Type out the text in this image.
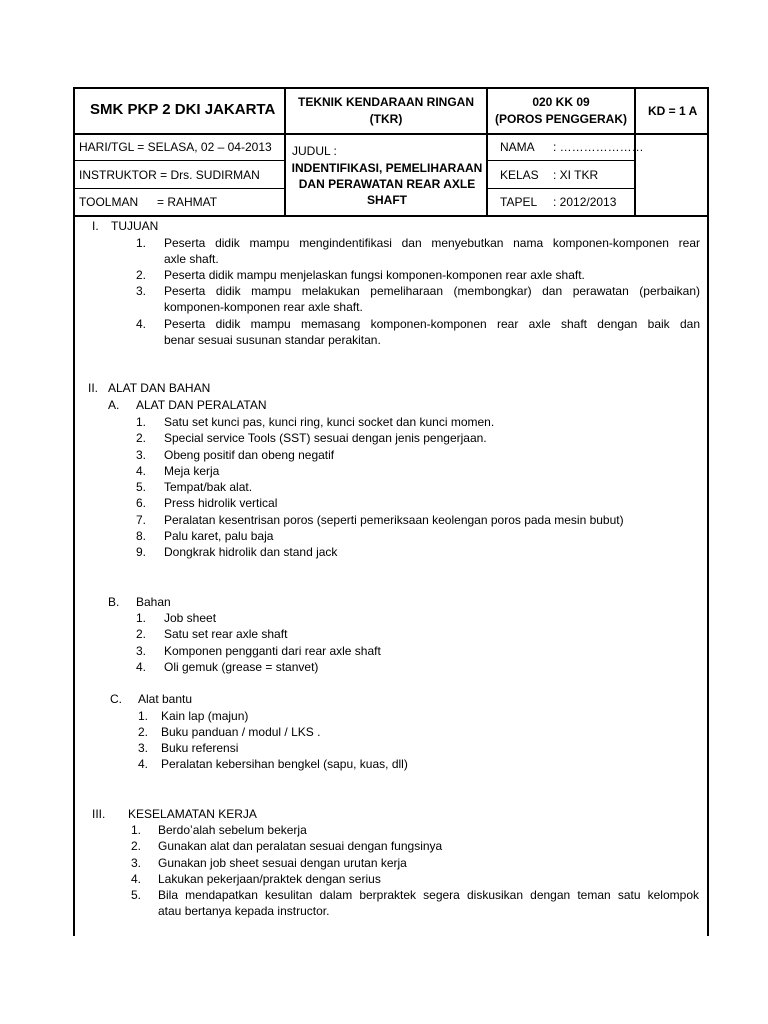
SMK PKP 2 DKI JAKARTA	TEKNIK KENDARAAN RINGAN
(TKR)
020 KK 09
(POROS PENGGERAK)
KD = 1 A
HARI/TGL = SELASA, 02 – 04-2013
INSTRUKTOR = Drs. SUDIRMAN
TOOLMAN = RAHMAT
JUDUL :
INDENTIFIKASI, PEMELIHARAAN
DAN PERAWATAN REAR AXLE
SHAFT
NAMA : …………………
KELAS : XI TKR
TAPEL : 2012/2013
I. TUJUAN
1. Peserta didik mampu mengindentifikasi dan menyebutkan nama komponen-komponen rear
axle shaft.
2. Peserta didik mampu menjelaskan fungsi komponen-komponen rear axle shaft.
3. Peserta didik mampu melakukan pemeliharaan (membongkar) dan perawatan (perbaikan)
komponen-komponen rear axle shaft.
4. Peserta didik mampu memasang komponen-komponen rear axle shaft dengan baik dan
benar sesuai susunan standar perakitan.
II. ALAT DAN BAHAN
A. ALAT DAN PERALATAN
1. Satu set kunci pas, kunci ring, kunci socket dan kunci momen.
2. Special service Tools (SST) sesuai dengan jenis pengerjaan.
3. Obeng positif dan obeng negatif
4. Meja kerja
5. Tempat/bak alat.
6. Press hidrolik vertical
7. Peralatan kesentrisan poros (seperti pemeriksaan keolengan poros pada mesin bubut)
8. Palu karet, palu baja
9. Dongkrak hidrolik dan stand jack
B. Bahan
1. Job sheet
2. Satu set rear axle shaft
3. Komponen pengganti dari rear axle shaft
4. Oli gemuk (grease = stanvet)
C. Alat bantu
1. Kain lap (majun)
2. Buku panduan / modul / LKS .
3. Buku referensi
4. Peralatan kebersihan bengkel (sapu, kuas, dll)
III. KESELAMATAN KERJA
1. Berdo’alah sebelum bekerja
2. Gunakan alat dan peralatan sesuai dengan fungsinya
3. Gunakan job sheet sesuai dengan urutan kerja
4. Lakukan pekerjaan/praktek dengan serius
5. Bila mendapatkan kesulitan dalam berpraktek segera diskusikan dengan teman satu kelompok
atau bertanya kepada instructor.
